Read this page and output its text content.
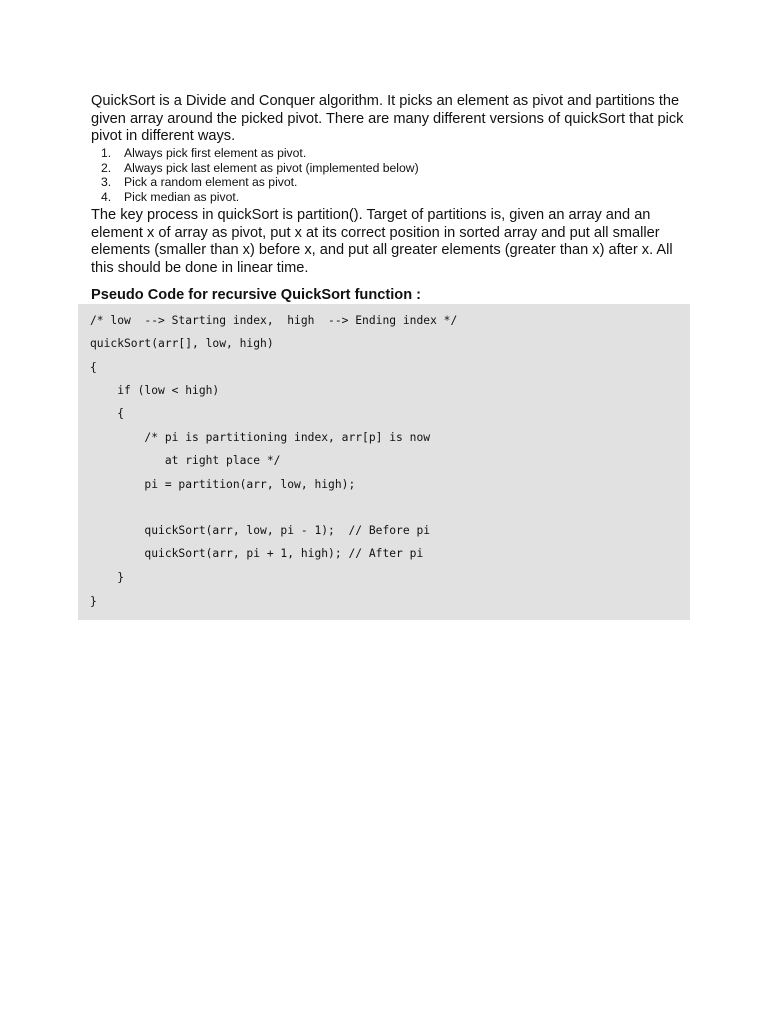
QuickSort is a Divide and Conquer algorithm. It picks an element as pivot and partitions the given array around the picked pivot. There are many different versions of quickSort that pick pivot in different ways.

1. Always pick first element as pivot.
2. Always pick last element as pivot (implemented below)
3. Pick a random element as pivot.
4. Pick median as pivot.

The key process in quickSort is partition(). Target of partitions is, given an array and an element x of array as pivot, put x at its correct position in sorted array and put all smaller elements (smaller than x) before x, and put all greater elements (greater than x) after x. All this should be done in linear time.

Pseudo Code for recursive QuickSort function :
/* low  --> Starting index,  high  --> Ending index */
quickSort(arr[], low, high)
{
if (low < high)
{
/* pi is partitioning index, arr[p] is now
at right place */
pi = partition(arr, low, high);
quickSort(arr, low, pi - 1);  // Before pi
quickSort(arr, pi + 1, high); // After pi
}
}
